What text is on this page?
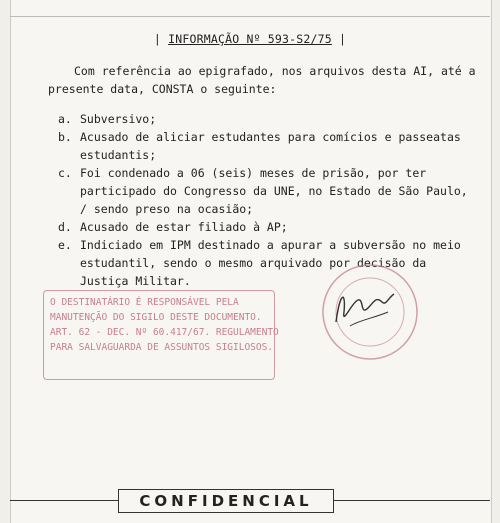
| INFORMAÇÃO Nº 593-S2/75 |
Com referência ao epigrafado, nos arquivos desta AI, até a presente data, CONSTA o seguinte:
a. Subversivo;
b. Acusado de aliciar estudantes para comícios e passeatas estudantis;
c. Foi condenado a 06 (seis) meses de prisão, por ter participado do Congresso da UNE, no Estado de São Paulo, / sendo preso na ocasião;
d. Acusado de estar filiado à AP;
e. Indiciado em IPM destinado a apurar a subversão no meio estudantil, sendo o mesmo arquivado por decisão da Justiça Militar.
O DESTINATÁRIO É RESPONSÁVEL PELA
MANUTENÇÃO DO SIGILO DESTE DOCUMENTO.
ART. 62 - DEC. Nº 60.417/67. REGULAMENTO
PARA SALVAGUARDA DE ASSUNTOS SIGILOSOS.
CONFIDENCIAL
